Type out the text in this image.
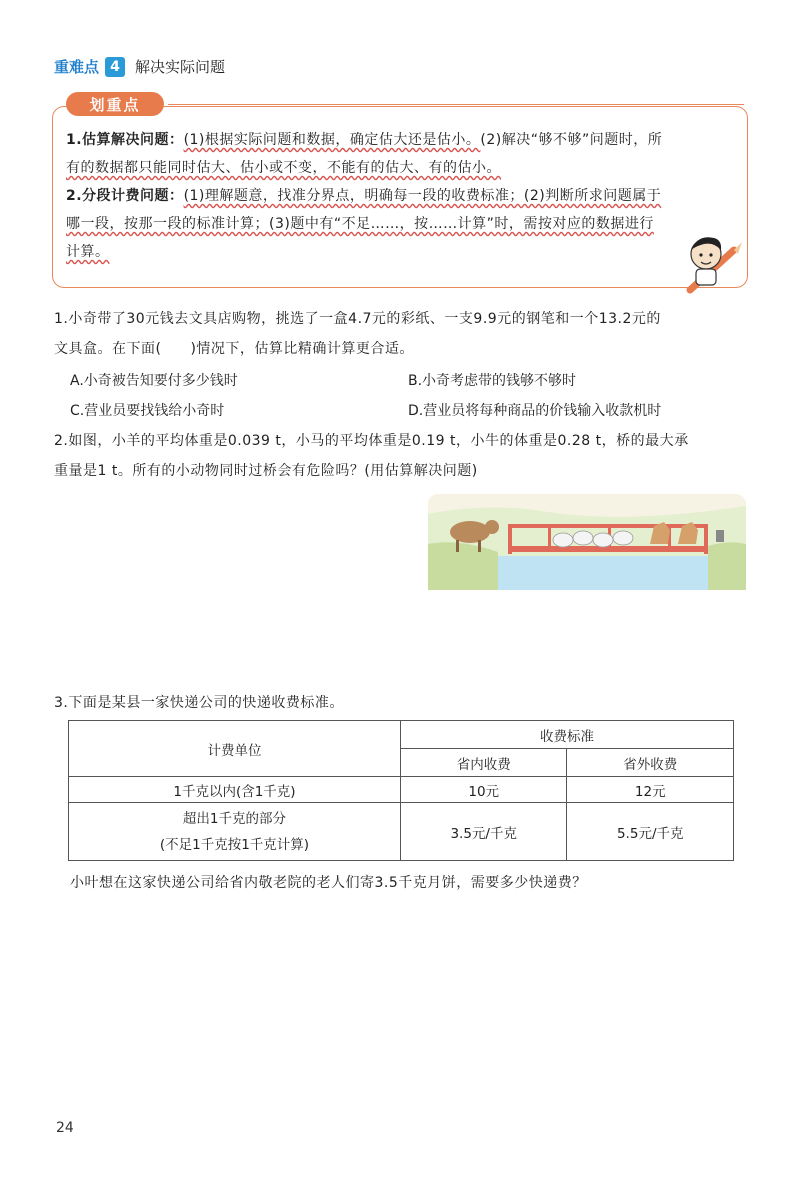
重难点 4	解决实际问题
划重点

1.估算解决问题：(1)根据实际问题和数据，确定估大还是估小。(2)解决“够不够”问题时，所

有的数据都只能同时估大、估小或不变，不能有的估大、有的估小。

2.分段计费问题：(1)理解题意，找准分界点，明确每一段的收费标准；(2)判断所求问题属于

哪一段，按那一段的标准计算；(3)题中有“不足……，按……计算”时，需按对应的数据进行

计算。

1.小奇带了30元钱去文具店购物，挑选了一盒4.7元的彩纸、一支9.9元的钢笔和一个13.2元的

文具盒。在下面(　　)情况下，估算比精确计算更合适。

A.小奇被告知要付多少钱时	B.小奇考虑带的钱够不够时
C.营业员要找钱给小奇时	D.营业员将每种商品的价钱输入收款机时

2.如图，小羊的平均体重是0.039 t，小马的平均体重是0.19 t，小牛的体重是0.28 t，桥的最大承

重量是1 t。所有的小动物同时过桥会有危险吗？(用估算解决问题)

3.下面是某县一家快递公司的快递收费标准。
计费单位	收费标准	
	省内收费	省外收费
1千克以内(含1千克)	10元	12元

超出1千克的部分
(不足1千克按1千克计算)	3.5元/千克	5.5元/千克
小叶想在这家快递公司给省内敬老院的老人们寄3.5千克月饼，需要多少快递费？
24
